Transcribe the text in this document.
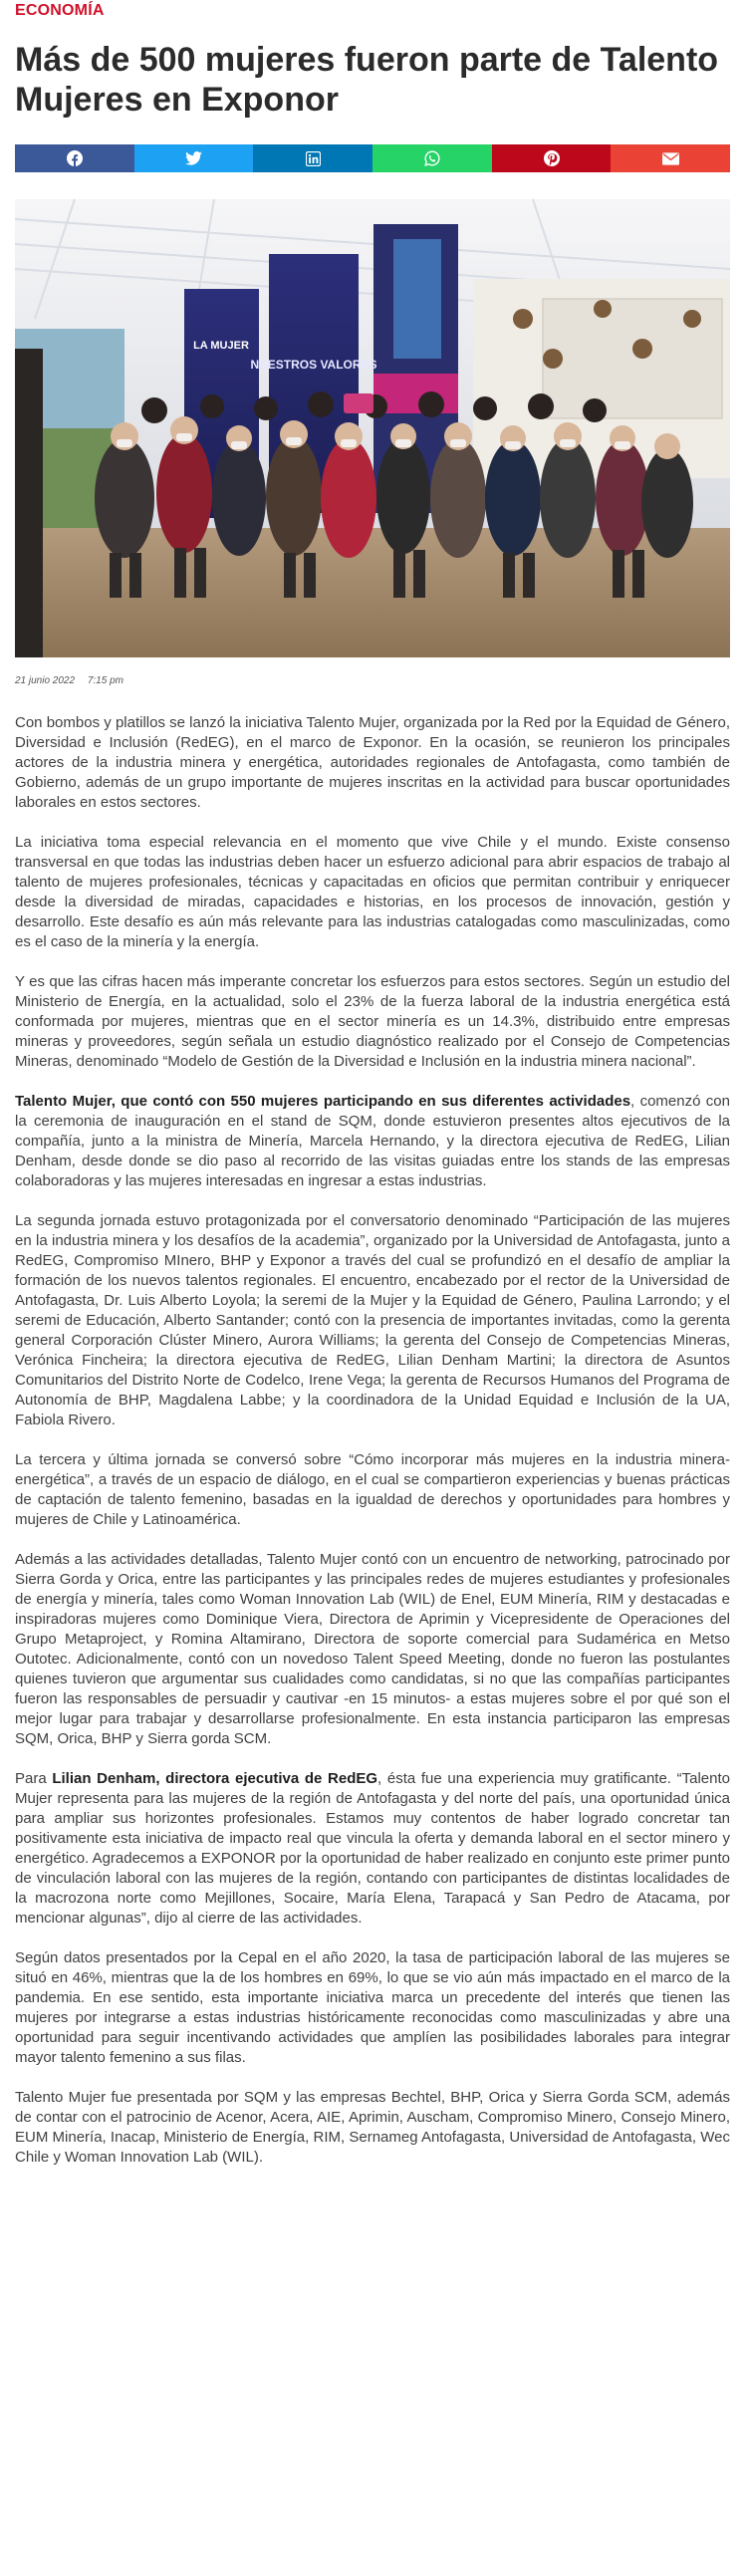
ECONOMÍA
Más de 500 mujeres fueron parte de Talento Mujeres en Exponor
LA MUJER
NUESTROS VALORES
21 junio 2022 7:15 pm

Con bombos y platillos se lanzó la iniciativa Talento Mujer, organizada por la Red por la Equidad de Género, Diversidad e Inclusión (RedEG), en el marco de Exponor. En la ocasión, se reunieron los principales actores de la industria minera y energética, autoridades regionales de Antofagasta, como también de Gobierno, además de un grupo importante de mujeres inscritas en la actividad para buscar oportunidades laborales en estos sectores.

La iniciativa toma especial relevancia en el momento que vive Chile y el mundo. Existe consenso transversal en que todas las industrias deben hacer un esfuerzo adicional para abrir espacios de trabajo al talento de mujeres profesionales, técnicas y capacitadas en oficios que permitan contribuir y enriquecer desde la diversidad de miradas, capacidades e historias, en los procesos de innovación, gestión y desarrollo. Este desafío es aún más relevante para las industrias catalogadas como masculinizadas, como es el caso de la minería y la energía.

Y es que las cifras hacen más imperante concretar los esfuerzos para estos sectores. Según un estudio del Ministerio de Energía, en la actualidad, solo el 23% de la fuerza laboral de la industria energética está conformada por mujeres, mientras que en el sector minería es un 14.3%, distribuido entre empresas mineras y proveedores, según señala un estudio diagnóstico realizado por el Consejo de Competencias Mineras, denominado “Modelo de Gestión de la Diversidad e Inclusión en la industria minera nacional”.

Talento Mujer, que contó con 550 mujeres participando en sus diferentes actividades, comenzó con la ceremonia de inauguración en el stand de SQM, donde estuvieron presentes altos ejecutivos de la compañía, junto a la ministra de Minería, Marcela Hernando, y la directora ejecutiva de RedEG, Lilian Denham, desde donde se dio paso al recorrido de las visitas guiadas entre los stands de las empresas colaboradoras y las mujeres interesadas en ingresar a estas industrias.

La segunda jornada estuvo protagonizada por el conversatorio denominado “Participación de las mujeres en la industria minera y los desafíos de la academia”, organizado por la Universidad de Antofagasta, junto a RedEG, Compromiso MInero, BHP y Exponor a través del cual se profundizó en el desafío de ampliar la formación de los nuevos talentos regionales. El encuentro, encabezado por el rector de la Universidad de Antofagasta, Dr. Luis Alberto Loyola; la seremi de la Mujer y la Equidad de Género, Paulina Larrondo; y el seremi de Educación, Alberto Santander; contó con la presencia de importantes invitadas, como la gerenta general Corporación Clúster Minero, Aurora Williams; la gerenta del Consejo de Competencias Mineras, Verónica Fincheira; la directora ejecutiva de RedEG, Lilian Denham Martini; la directora de Asuntos Comunitarios del Distrito Norte de Codelco, Irene Vega; la gerenta de Recursos Humanos del Programa de Autonomía de BHP, Magdalena Labbe; y la coordinadora de la Unidad Equidad e Inclusión de la UA, Fabiola Rivero.

La tercera y última jornada se conversó sobre “Cómo incorporar más mujeres en la industria minera-energética”, a través de un espacio de diálogo, en el cual se compartieron experiencias y buenas prácticas de captación de talento femenino, basadas en la igualdad de derechos y oportunidades para hombres y mujeres de Chile y Latinoamérica.

Además a las actividades detalladas, Talento Mujer contó con un encuentro de networking, patrocinado por Sierra Gorda y Orica, entre las participantes y las principales redes de mujeres estudiantes y profesionales de energía y minería, tales como Woman Innovation Lab (WIL) de Enel, EUM Minería, RIM y destacadas e inspiradoras mujeres como Dominique Viera, Directora de Aprimin y Vicepresidente de Operaciones del Grupo Metaproject, y Romina Altamirano, Directora de soporte comercial para Sudamérica en Metso Outotec. Adicionalmente, contó con un novedoso Talent Speed Meeting, donde no fueron las postulantes quienes tuvieron que argumentar sus cualidades como candidatas, si no que las compañías participantes fueron las responsables de persuadir y cautivar -en 15 minutos- a estas mujeres sobre el por qué son el mejor lugar para trabajar y desarrollarse profesionalmente. En esta instancia participaron las empresas SQM, Orica, BHP y Sierra gorda SCM.

Para Lilian Denham, directora ejecutiva de RedEG, ésta fue una experiencia muy gratificante. “Talento Mujer representa para las mujeres de la región de Antofagasta y del norte del país, una oportunidad única para ampliar sus horizontes profesionales. Estamos muy contentos de haber logrado concretar tan positivamente esta iniciativa de impacto real que vincula la oferta y demanda laboral en el sector minero y energético. Agradecemos a EXPONOR por la oportunidad de haber realizado en conjunto este primer punto de vinculación laboral con las mujeres de la región, contando con participantes de distintas localidades de la macrozona norte como Mejillones, Socaire, María Elena, Tarapacá y San Pedro de Atacama, por mencionar algunas”, dijo al cierre de las actividades.

Según datos presentados por la Cepal en el año 2020, la tasa de participación laboral de las mujeres se situó en 46%, mientras que la de los hombres en 69%, lo que se vio aún más impactado en el marco de la pandemia. En ese sentido, esta importante iniciativa marca un precedente del interés que tienen las mujeres por integrarse a estas industrias históricamente reconocidas como masculinizadas y abre una oportunidad para seguir incentivando actividades que amplíen las posibilidades laborales para integrar mayor talento femenino a sus filas.

Talento Mujer fue presentada por SQM y las empresas Bechtel, BHP, Orica y Sierra Gorda SCM, además de contar con el patrocinio de Acenor, Acera, AIE, Aprimin, Auscham, Compromiso Minero, Consejo Minero, EUM Minería, Inacap, Ministerio de Energía, RIM, Sernameg Antofagasta, Universidad de Antofagasta, Wec Chile y Woman Innovation Lab (WIL).
